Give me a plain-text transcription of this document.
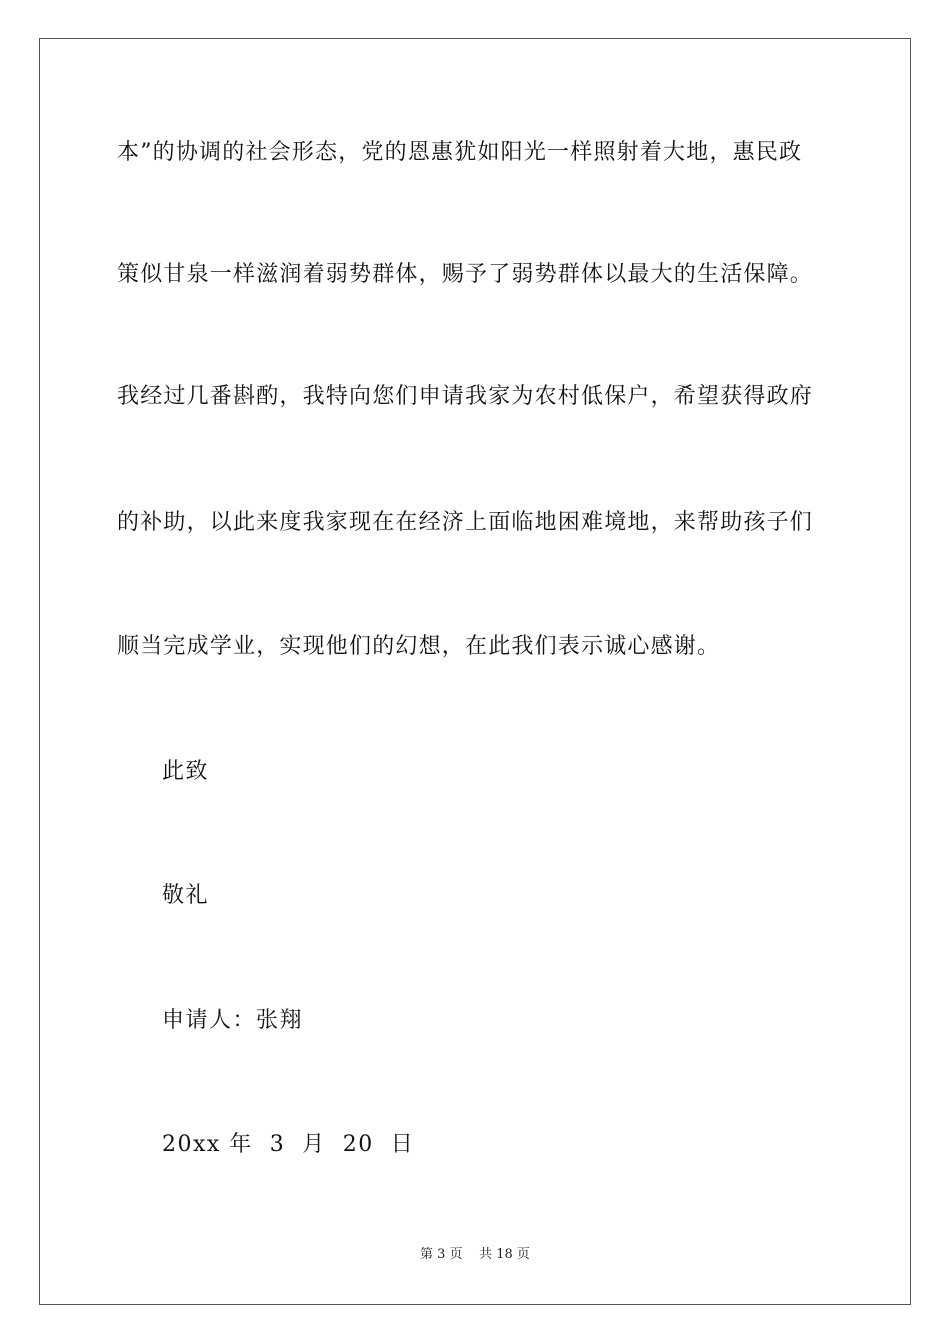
本”的协调的社会形态，党的恩惠犹如阳光一样照射着大地，惠民政
策似甘泉一样滋润着弱势群体，赐予了弱势群体以最大的生活保障。
我经过几番斟酌，我特向您们申请我家为农村低保户，希望获得政府
的补助，以此来度我家现在在经济上面临地困难境地，来帮助孩子们
顺当完成学业，实现他们的幻想，在此我们表示诚心感谢。
此致
敬礼
申请人：张翔
20xx 年  3  月  20  日
第 3 页 共 18 页
